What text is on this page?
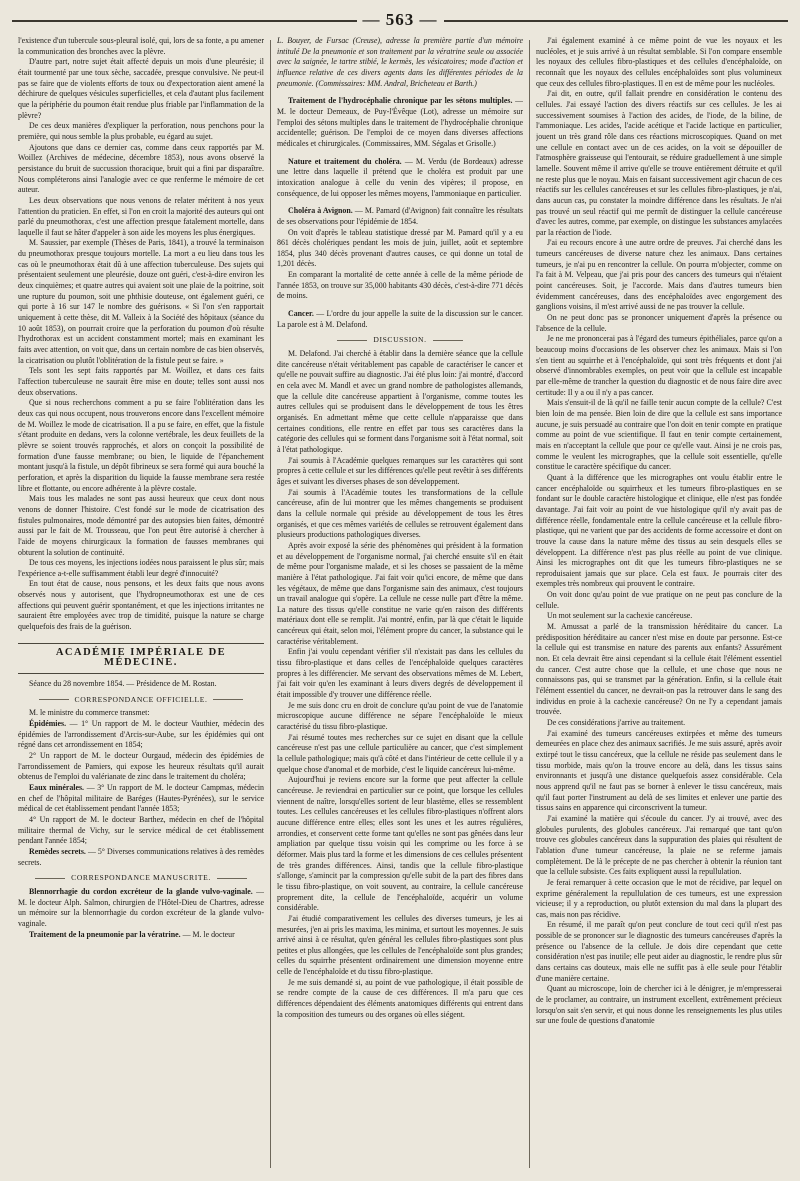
— 563 —

l'existence d'un tubercule sous-pleural isolé, qui, lors de sa fonte, a pu amener la communication des bronches avec la plèvre.

D'autre part, notre sujet était affecté depuis un mois d'une pleurésie; il était tourmenté par une toux sèche, saccadée, presque convulsive. Ne peut-il pas se faire que de violents efforts de toux ou d'expectoration aient amené la déchirure de quelques vésicules superficielles, et cela d'autant plus facilement que la périphérie du poumon était rendue plus friable par l'inflammation de la plèvre?

De ces deux manières d'expliquer la perforation, nous penchons pour la première, qui nous semble la plus probable, eu égard au sujet.

Ajoutons que dans ce dernier cas, comme dans ceux rapportés par M. Woillez (Archives de médecine, décembre 1853), nous avons observé la persistance du bruit de succussion thoracique, bruit qui a fini par disparaître. Nous compléterons ainsi l'analogie avec ce que renferme le mémoire de cet auteur.

Les deux observations que nous venons de relater méritent à nos yeux l'attention du praticien. En effet, si l'on en croit la majorité des auteurs qui ont parlé du pneumothorax, c'est une affection presque fatalement mortelle, dans laquelle il faut se hâter d'appeler à son aide les moyens les plus énergiques.

M. Saussier, par exemple (Thèses de Paris, 1841), a trouvé la terminaison du pneumothorax presque toujours mortelle. La mort a eu lieu dans tous les cas où le pneumothorax était dû à une affection tuberculeuse. Des sujets qui présentaient seulement une pleurésie, douze ont guéri, c'est-à-dire environ les deux cinquièmes; et quatre autres qui avaient soit une plaie de la poitrine, soit une rupture du poumon, soit une phthisie douteuse, ont également guéri, ce qui porte à 16 sur 147 le nombre des guérisons. « Si l'on s'en rapportait uniquement à cette thèse, dit M. Valleix à la Société des hôpitaux (séance du 10 août 1853), on pourrait croire que la perforation du poumon d'où résulte l'hydrothorax est un accident constamment mortel; mais en examinant les faits avec attention, on voit que, dans un certain nombre de cas bien observés, la cicatrisation ou plutôt l'oblitération de la fistule peut se faire. »

Tels sont les sept faits rapportés par M. Woillez, et dans ces faits l'affection tuberculeuse ne saurait être mise en doute; telles sont aussi nos deux observations.

Que si nous recherchons comment a pu se faire l'oblitération dans les deux cas qui nous occupent, nous trouverons encore dans l'excellent mémoire de M. Woillez le mode de cicatrisation. Il a pu se faire, en effet, que la fistule s'étant produite en dedans, vers la colonne vertébrale, les deux feuillets de la plèvre se soient trouvés rapprochés, et alors on conçoit la possibilité de formation d'une fausse membrane; ou bien, le liquide de l'épanchement montant jusqu'à la fistule, un dépôt fibrineux se sera formé qui aura bouché la perforation, et après la disparition du liquide la fausse membrane sera restée libre et flottante, ou encore adhérente à la plèvre costale.

Mais tous les malades ne sont pas aussi heureux que ceux dont nous venons de donner l'histoire. C'est fondé sur le mode de cicatrisation des fistules pulmonaires, mode démontré par des autopsies bien faites, démontré aussi par le fait de M. Trousseau, que l'on peut être autorisé à chercher à l'aide de moyens chirurgicaux la formation de fausses membranes qui obturent la solution de continuité.

De tous ces moyens, les injections iodées nous paraissent le plus sûr; mais l'expérience a-t-elle suffisamment établi leur degré d'innocuité?

En tout état de cause, nous pensons, et les deux faits que nous avons observés nous y autorisent, que l'hydropneumothorax est une de ces affections qui peuvent guérir spontanément, et que les injections irritantes ne sauraient être employées avec trop de timidité, puisque la nature se charge quelquefois des frais de la guérison.

ACADÉMIE IMPÉRIALE DE MÉDECINE.

Séance du 28 novembre 1854. — Présidence de M. Rostan.

CORRESPONDANCE OFFICIELLE.

M. le ministre du commerce transmet:

Épidémies. — 1° Un rapport de M. le docteur Vauthier, médecin des épidémies de l'arrondissement d'Arcis-sur-Aube, sur les épidémies qui ont régné dans cet arrondissement en 1854;

2° Un rapport de M. le docteur Ourgaud, médecin des épidémies de l'arrondissement de Pamiers, qui expose les heureux résultats qu'il aurait obtenus de l'emploi du valérianate de zinc dans le traitement du choléra;

Eaux minérales. — 3° Un rapport de M. le docteur Campmas, médecin en chef de l'hôpital militaire de Baréges (Hautes-Pyrénées), sur le service médical de cet établissement pendant l'année 1853;

4° Un rapport de M. le docteur Barthez, médecin en chef de l'hôpital militaire thermal de Vichy, sur le service médical de cet établissement pendant l'année 1854;

Remèdes secrets. — 5° Diverses communications relatives à des remèdes secrets.

CORRESPONDANCE MANUSCRITE.

Blennorrhagie du cordon excréteur de la glande vulvo-vaginale. — M. le docteur Alph. Salmon, chirurgien de l'Hôtel-Dieu de Chartres, adresse un mémoire sur la blennorrhagie du cordon excréteur de la glande vulvo-vaginale.

Traitement de la pneumonie par la vératrine. — M. le docteur

L. Bouyer, de Fursac (Creuse), adresse la première partie d'un mémoire intitulé De la pneumonie et son traitement par la vératrine seule ou associée avec la saignée, le tartre stibié, le kermès, les vésicatoires; mode d'action et influence relative de ces divers agents dans les différentes périodes de la pneumonie. (Commissaires: MM. Andral, Bricheteau et Barth.)

Traitement de l'hydrocéphalie chronique par les sétons multiples. — M. le docteur Demeaux, de Puy-l'Évêque (Lot), adresse un mémoire sur l'emploi des sétons multiples dans le traitement de l'hydrocéphalie chronique accidentelle; guérison. De l'emploi de ce moyen dans diverses affections médicales et chirurgicales. (Commissaires, MM. Ségalas et Grisolle.)

Nature et traitement du choléra. — M. Verdu (de Bordeaux) adresse une lettre dans laquelle il prétend que le choléra est produit par une intoxication analogue à celle du venin des vipères; il propose, en conséquence, de lui opposer les mêmes moyens, l'ammoniaque en particulier.

Choléra à Avignon. — M. Pamard (d'Avignon) fait connaître les résultats de ses observations pour l'épidémie de 1854.

On voit d'après le tableau statistique dressé par M. Pamard qu'il y a eu 861 décès cholériques pendant les mois de juin, juillet, août et septembre 1854, plus 340 décès provenant d'autres causes, ce qui donne un total de 1,201 décès.

En comparant la mortalité de cette année à celle de la même période de l'année 1853, on trouve sur 35,000 habitants 430 décès, c'est-à-dire 771 décès de moins.

Cancer. — L'ordre du jour appelle la suite de la discussion sur le cancer. La parole est à M. Delafond.

DISCUSSION.

M. Delafond. J'ai cherché à établir dans la dernière séance que la cellule dite cancéreuse n'était véritablement pas capable de caractériser le cancer et qu'elle ne pouvait suffire au diagnostic. J'ai été plus loin: j'ai montré, d'accord en cela avec M. Mandl et avec un grand nombre de pathologistes allemands, que la cellule dite cancéreuse appartient à l'organisme, comme toutes les autres cellules qui se produisent dans le développement de tous les êtres organisés. En admettant même que cette cellule n'apparaisse que dans certaines conditions, elle rentre en effet par tous ses caractères dans la catégorie des cellules qui se forment dans l'organisme soit à l'état normal, soit à l'état pathologique.

J'ai soumis à l'Académie quelques remarques sur les caractères qui sont propres à cette cellule et sur les différences qu'elle peut revêtir à ses différents âges et suivant les diverses phases de son développement.

J'ai soumis à l'Académie toutes les transformations de la cellule cancéreuse, afin de lui montrer que les mêmes changements se produisent dans la cellule normale qui préside au développement de tous les êtres organisés, et que ces mêmes variétés de cellules se retrouvent également dans plusieurs productions pathologiques diverses.

Après avoir exposé la série des phénomènes qui président à la formation et au développement de l'organisme normal, j'ai cherché ensuite s'il en était de même pour l'organisme malade, et si les choses se passaient de la même manière à l'état pathologique. J'ai fait voir qu'ici encore, de même que dans les végétaux, de même que dans l'organisme sain des animaux, c'est toujours un travail analogue qui s'opère. La cellule ne cesse nulle part d'être la même. La nature des tissus qu'elle constitue ne varie qu'en raison des différents matériaux dont elle se remplit. J'ai montré, enfin, par là que c'était le liquide cancéreux qui était, selon moi, l'élément propre du cancer, la substance qui le caractérise véritablement.

Enfin j'ai voulu cependant vérifier s'il n'existait pas dans les cellules du tissu fibro-plastique et dans celles de l'encéphaloïde quelques caractères propres à les différencier. Me servant des observations mêmes de M. Lebert, j'ai fait voir qu'en les examinant à leurs divers degrés de développement il était impossible d'y trouver une différence réelle.

Je me suis donc cru en droit de conclure qu'au point de vue de l'anatomie microscopique aucune différence ne sépare l'encéphaloïde le mieux caractérisé du tissu fibro-plastique.

J'ai résumé toutes mes recherches sur ce sujet en disant que la cellule cancéreuse n'est pas une cellule particulière au cancer, que c'est simplement la cellule pathologique; mais qu'à côté et dans l'intérieur de cette cellule il y a quelque chose d'anomal et de morbide, c'est le liquide cancéreux lui-même.

Aujourd'hui je reviens encore sur la forme que peut affecter la cellule cancéreuse. Je reviendrai en particulier sur ce point, que lorsque les cellules viennent de naître, lorsqu'elles sortent de leur blastème, elles se ressemblent toutes. Les cellules cancéreuses et les cellules fibro-plastiques n'offrent alors aucune différence entre elles; elles sont les unes et les autres régulières, arrondies, et conservent cette forme tant qu'elles ne sont pas gênées dans leur ampliation par quelque tissu voisin qui les comprime ou les force à se déformer. Mais plus tard la forme et les dimensions de ces cellules présentent de très grandes différences. Ainsi, tandis que la cellule fibro-plastique s'allonge, s'amincit par la compression qu'elle subit de la part des fibres dans le tissu fibro-plastique, on voit souvent, au contraire, la cellule cancéreuse proprement dite, la cellule de l'encéphaloïde, acquérir un volume considérable.

J'ai étudié comparativement les cellules des diverses tumeurs, je les ai mesurées, j'en ai pris les maxima, les minima, et surtout les moyennes. Je suis arrivé ainsi à ce résultat, qu'en général les cellules fibro-plastiques sont plus petites et plus allongées, que les cellules de l'encéphaloïde sont plus grandes; celles du squirrhe présentent ordinairement une dimension moyenne entre celle de l'encéphaloïde et du tissu fibro-plastique.

Je me suis demandé si, au point de vue pathologique, il était possible de se rendre compte de la cause de ces différences. Il m'a paru que ces différences dépendaient des éléments anatomiques différents qui entrent dans la composition des tumeurs ou des organes où elles siégent.

J'ai également examiné à ce même point de vue les noyaux et les nucléoles, et je suis arrivé à un résultat semblable. Si l'on compare ensemble les noyaux des cellules fibro-plastiques et des cellules d'encéphaloïde, on reconnaît que les noyaux des cellules encéphaloïdes sont plus volumineux que ceux des cellules fibro-plastiques. Il en est de même pour les nucléoles.

J'ai dit, en outre, qu'il fallait prendre en considération le contenu des cellules. J'ai essayé l'action des divers réactifs sur ces cellules. Je les ai successivement soumises à l'action des acides, de l'iode, de la biline, de l'ammoniaque. Les acides, l'acide acétique et l'acide lactique en particulier, jouent un très grand rôle dans ces réactions microscopiques. Quand on met une cellule en contact avec un de ces acides, on la voit se dépouiller de l'atmosphère graisseuse qui l'entourait, se réduire graduellement à une simple lamelle. Souvent même il arrive qu'elle se trouve entièrement détruite et qu'il ne reste plus que le noyau. Mais en faisant successivement agir chacun de ces réactifs sur les cellules cancéreuses et sur les cellules fibro-plastiques, je n'ai, dans aucun cas, pu constater la moindre différence dans les résultats. Je n'ai pas trouvé un seul réactif qui me permît de distinguer la cellule cancéreuse d'avec les autres, comme, par exemple, on distingue les substances amylacées par la réaction de l'iode.

J'ai eu recours encore à une autre ordre de preuves. J'ai cherché dans les tumeurs cancéreuses de diverse nature chez les animaux. Dans certaines tumeurs, je n'ai pu en rencontrer la cellule. On pourra m'objecter, comme on l'a fait à M. Velpeau, que j'ai pris pour des cancers des tumeurs qui n'étaient point cancéreuses. Soit, je l'accorde. Mais dans d'autres tumeurs bien évidemment cancéreuses, dans des encéphaloïdes avec engorgement des ganglions voisins, il m'est arrivé aussi de ne pas trouver la cellule.

On ne peut donc pas se prononcer uniquement d'après la présence ou l'absence de la cellule.

Je ne me prononcerai pas à l'égard des tumeurs épithéliales, parce qu'on a beaucoup moins d'occasions de les observer chez les animaux. Mais si l'on s'en tient au squirrhe et à l'encéphaloïde, qui sont très fréquents et dont j'ai observé d'innombrables exemples, on peut voir que la cellule est incapable par elle-même de trancher la question du diagnostic et de nous faire dire avec certitude: Il y a ou il n'y a pas cancer.

Mais s'ensuit-il de là qu'il ne faille tenir aucun compte de la cellule? C'est bien loin de ma pensée. Bien loin de dire que la cellule est sans importance aucune, je suis persuadé au contraire que l'on doit en tenir compte en pratique comme au point de vue scientifique. Il faut en tenir compte certainement, mais en n'acceptant la cellule que pour ce qu'elle vaut. Ainsi je ne crois pas, comme le veulent les micrographes, que la cellule soit essentielle, qu'elle constitue le caractère spécifique du cancer.

Quant à la différence que les micrographes ont voulu établir entre le cancer encéphaloïde ou squirrheux et les tumeurs fibro-plastiques en se fondant sur le double caractère histologique et clinique, elle n'est pas fondée davantage. J'ai fait voir au point de vue histologique qu'il n'y avait pas de différence réelle, fondamentale entre la cellule cancéreuse et la cellule fibro-plastique, qui ne varient que par des accidents de forme accessoire et dont on trouve la cause dans la nature même des tissus au sein desquels elles se développent. La différence n'est pas plus réelle au point de vue clinique. Ainsi les micrographes ont dit que les tumeurs fibro-plastiques ne se reproduisaient jamais que sur place. Cela est faux. Je pourrais citer des exemples très nombreux qui prouvent le contraire.

On voit donc qu'au point de vue pratique on ne peut pas conclure de la cellule.

Un mot seulement sur la cachexie cancéreuse.

M. Amussat a parlé de la transmission héréditaire du cancer. La prédisposition héréditaire au cancer n'est mise en doute par personne. Est-ce la cellule qui est transmise en nature des parents aux enfants? Assurément non. Et cela devrait être ainsi cependant si la cellule était l'élément essentiel du cancer. C'est autre chose que la cellule, et une chose que nous ne connaissons pas, qui se transmet par la génération. Enfin, si la cellule était l'élément essentiel du cancer, ne devrait-on pas la retrouver dans le sang des individus en proie à la cachexie cancéreuse? On ne l'y a cependant jamais trouvée.

De ces considérations j'arrive au traitement.

J'ai examiné des tumeurs cancéreuses extirpées et même des tumeurs demeurées en place chez des animaux sacrifiés. Je me suis assuré, après avoir extirpé tout le tissu cancéreux, que la cellule ne réside pas seulement dans le tissu morbide, mais qu'on la trouve encore au delà, dans les tissus sains environnants et jusqu'à une distance quelquefois assez considérable. Cela nous apprend qu'il ne faut pas se borner à enlever le tissu cancéreux, mais qu'il faut porter l'instrument au delà de ses limites et enlever une partie des tissus sains en apparence qui circonscrivent la tumeur.

J'ai examiné la matière qui s'écoule du cancer. J'y ai trouvé, avec des globules purulents, des globules cancéreux. J'ai remarqué que tant qu'on trouve ces globules cancéreux dans la suppuration des plaies qui résultent de l'ablation d'une tumeur cancéreuse, la plaie ne se referme jamais complètement. De là le précepte de ne pas chercher à obtenir la réunion tant que la cellule subsiste. Ces faits expliquent aussi la repullulation.

Je ferai remarquer à cette occasion que le mot de récidive, par lequel on exprime généralement la repullulation de ces tumeurs, est une expression vicieuse; il y a reproduction, ou plutôt extension du mal dans la plupart des cas, mais non pas récidive.

En résumé, il me paraît qu'on peut conclure de tout ceci qu'il n'est pas possible de se prononcer sur le diagnostic des tumeurs cancéreuses d'après la présence ou l'absence de la cellule. Je dois dire cependant que cette considération n'est pas inutile; elle peut aider au diagnostic, le rendre plus sûr dans certains cas douteux, mais elle ne suffit pas à elle seule pour l'établir d'une manière certaine.

Quant au microscope, loin de chercher ici à le dénigrer, je m'empresserai de le proclamer, au contraire, un instrument excellent, extrêmement précieux lorsqu'on sait s'en servir, et qui nous donne les renseignements les plus utiles sur une foule de questions d'anatomie
